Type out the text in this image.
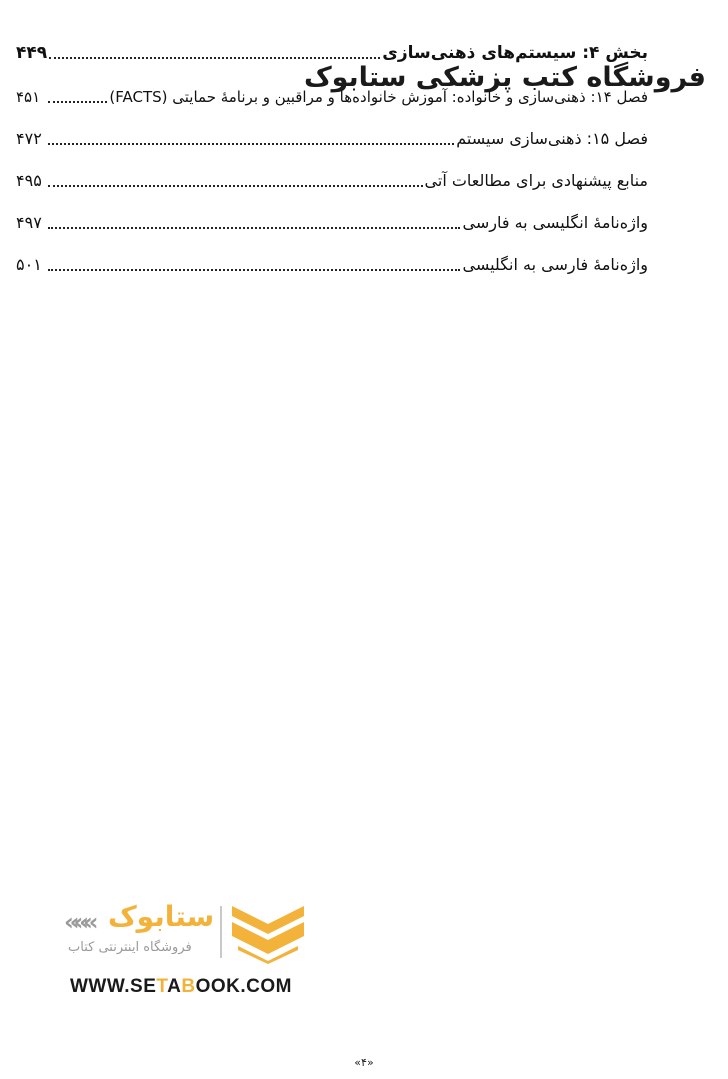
۴۴۹	بخش ۴: سیستم‌های ذهنی‌سازی
۴۵۱	فصل ۱۴: ذهنی‌سازی و خانواده: آموزش خانواده‌ها و مراقبین و برنامهٔ حمایتی (FACTS)
۴۷۲	فصل ۱۵: ذهنی‌سازی سیستم
۴۹۵	منابع پیشنهادی برای مطالعات آتی
۴۹۷	واژه‌نامهٔ انگلیسی به فارسی
۵۰۱	واژه‌نامهٔ فارسی به انگلیسی
فروشگاه کتب پزشکی ستابوک
««« ستابوک
فروشگاه اینترنتی کتاب
WWW.SETABOOK.COM
«۴»
